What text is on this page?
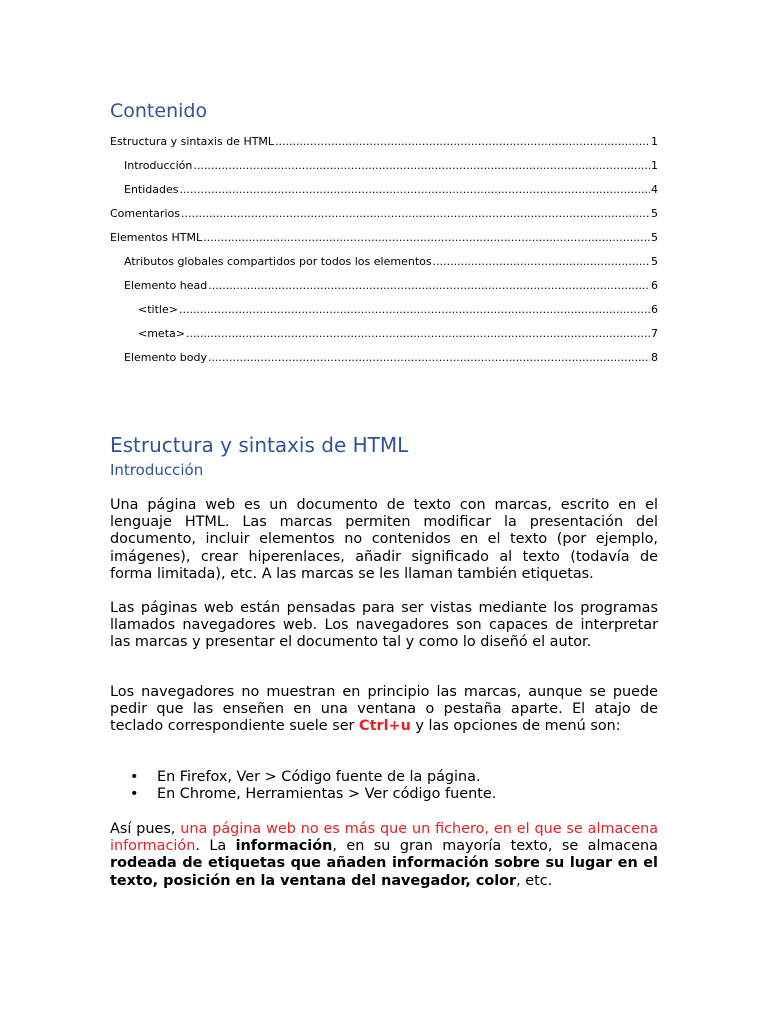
Contenido
Estructura y sintaxis de HTML .....	1
Introducción .....	1
Entidades .....	4
Comentarios .....	5
Elementos HTML .....	5
Atributos globales compartidos por todos los elementos .....	5
Elemento head .....	6
<title> .....	6
<meta> .....	7
Elemento body .....	8
Estructura y sintaxis de HTML
Introducción

Una página web es un documento de texto con marcas, escrito en el lenguaje HTML. Las marcas permiten modificar la presentación del documento, incluir elementos no contenidos en el texto (por ejemplo, imágenes), crear hiperenlaces, añadir significado al texto (todavía de forma limitada), etc. A las marcas se les llaman también etiquetas.

Las páginas web están pensadas para ser vistas mediante los programas llamados navegadores web. Los navegadores son capaces de interpretar las marcas y presentar el documento tal y como lo diseñó el autor.

Los navegadores no muestran en principio las marcas, aunque se puede pedir que las enseñen en una ventana o pestaña aparte. El atajo de teclado correspondiente suele ser Ctrl+u y las opciones de menú son:

• En Firefox, Ver > Código fuente de la página.
• En Chrome, Herramientas > Ver código fuente.

Así pues, una página web no es más que un fichero, en el que se almacena información. La información, en su gran mayoría texto, se almacena rodeada de etiquetas que añaden información sobre su lugar en el texto, posición en la ventana del navegador, color, etc.
